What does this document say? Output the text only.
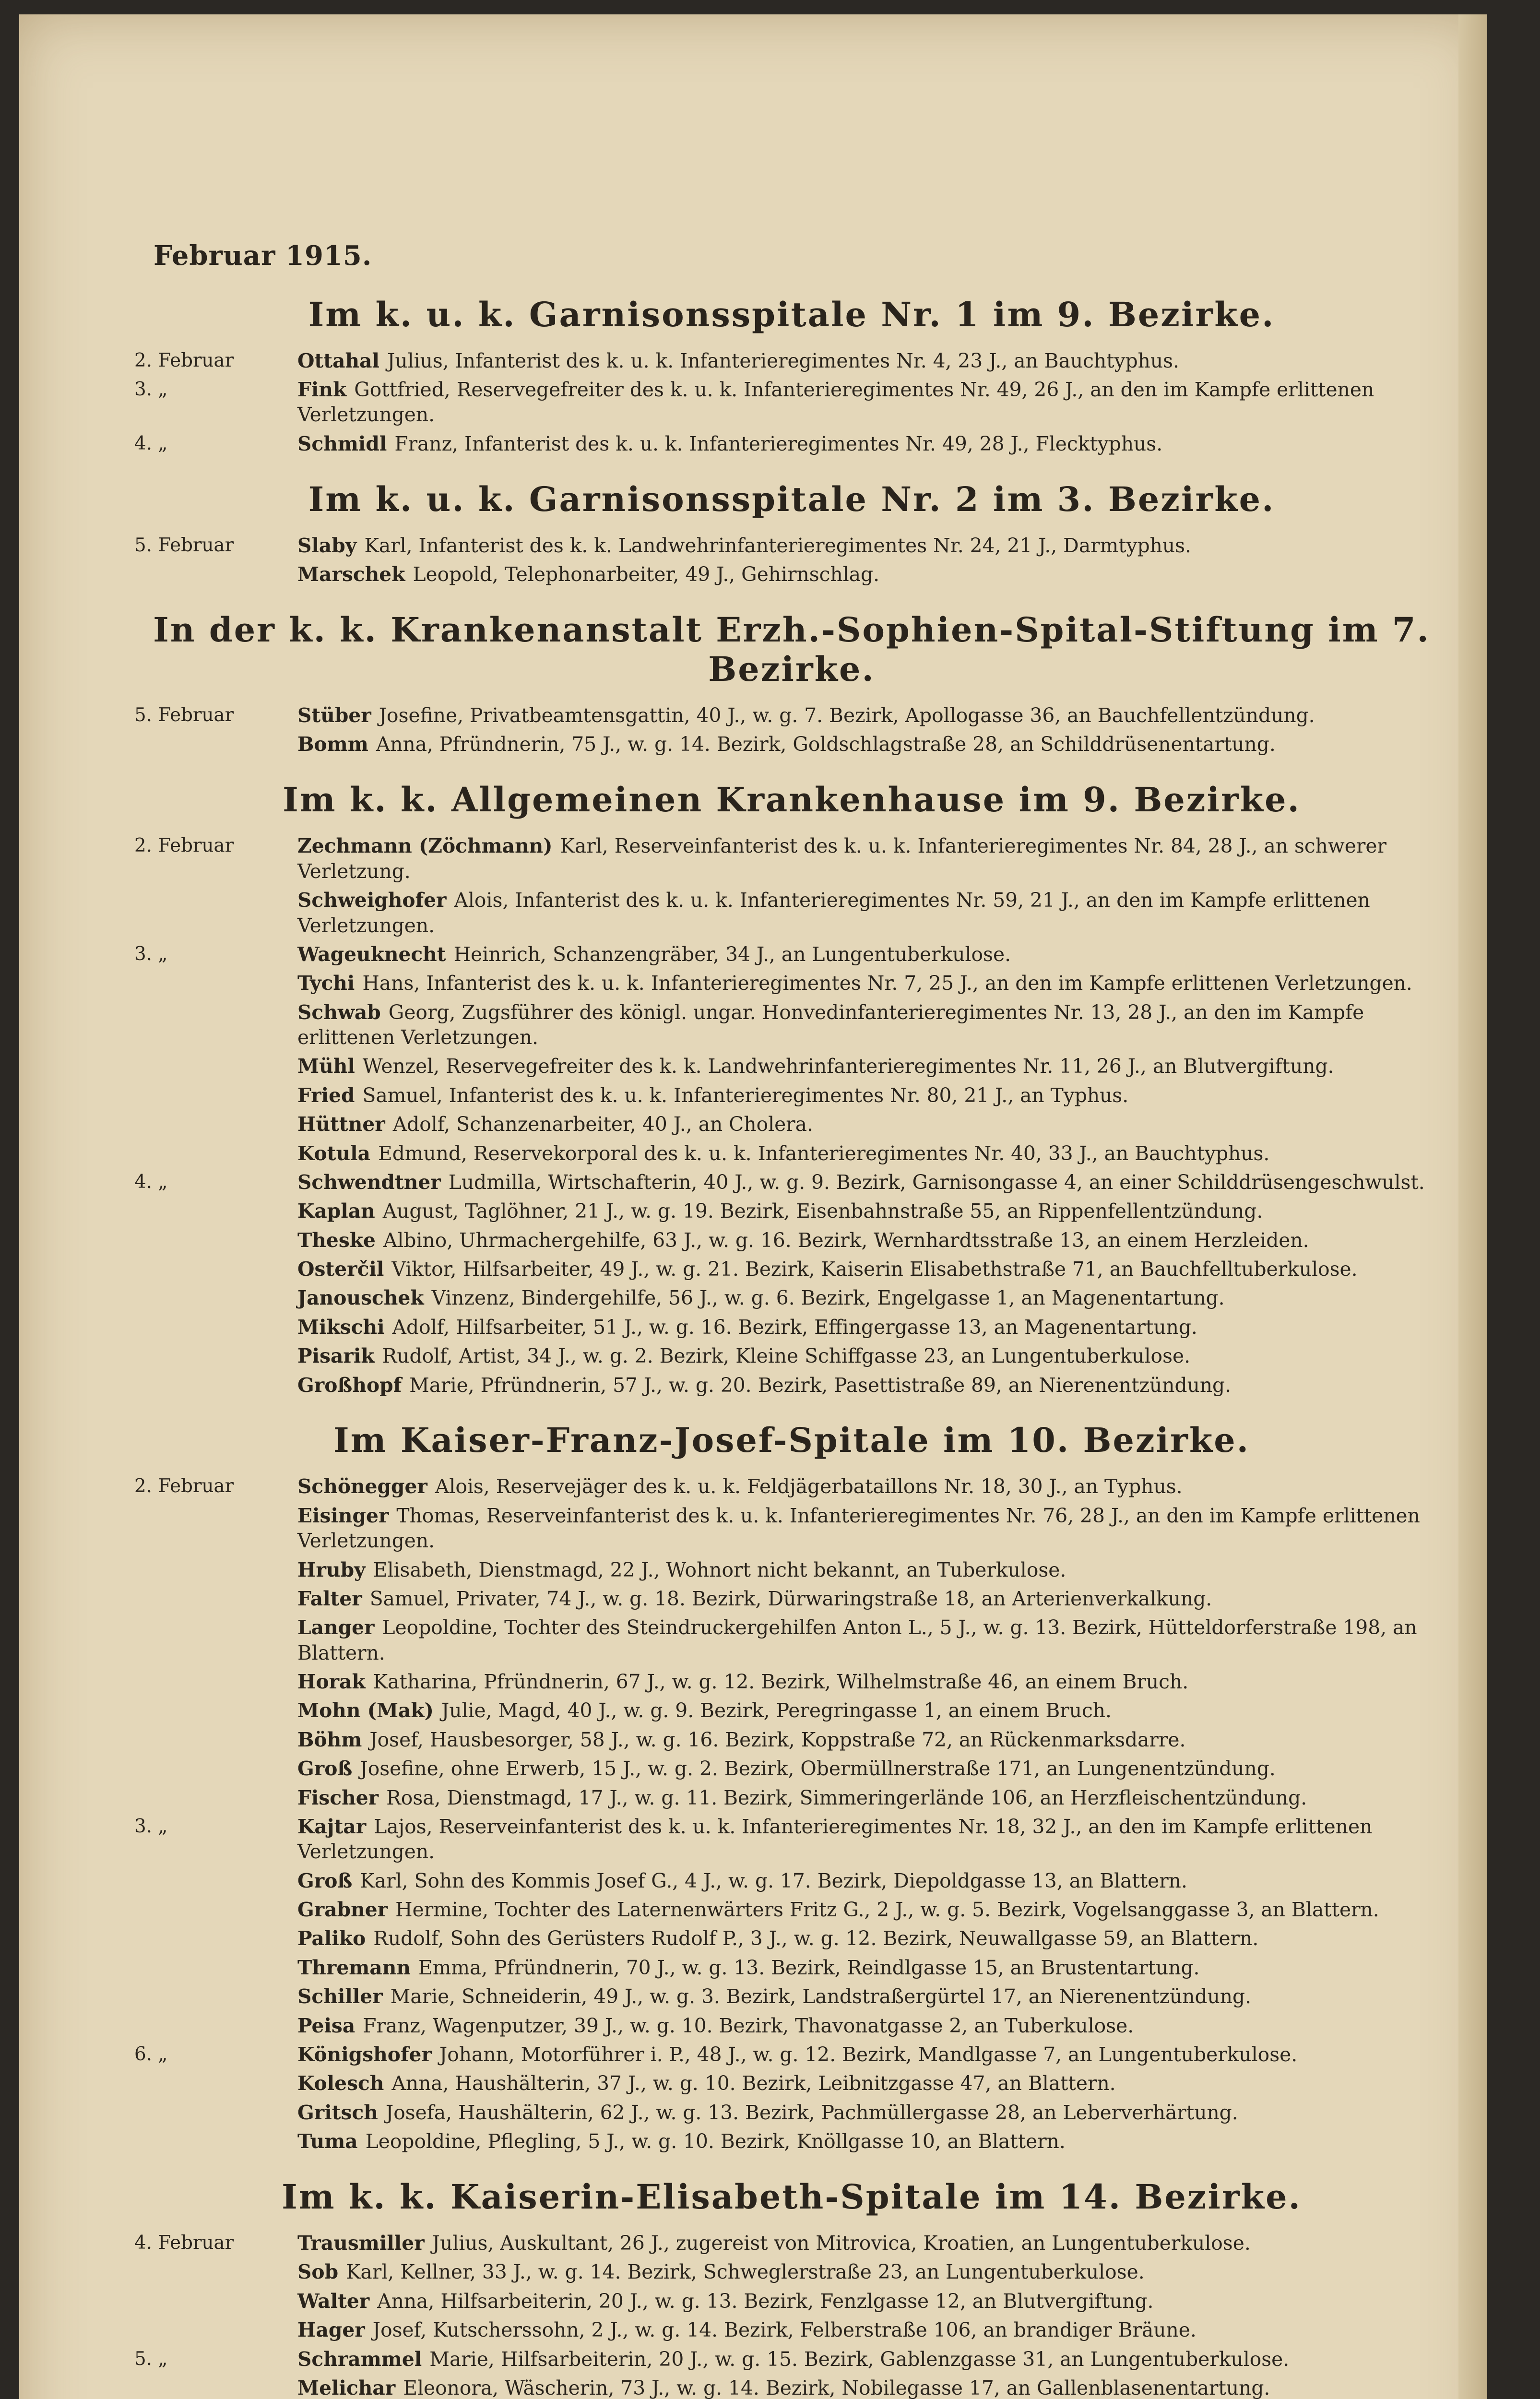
Februar 1915.
Im k. u. k. Garnisonsspitale Nr. 1 im 9. Bezirke.
2. Februar	Ottahal Julius, Infanterist des k. u. k. Infanterieregimentes Nr. 4, 23 J., an Bauchtyphus.
3. „	Fink Gottfried, Reservegefreiter des k. u. k. Infanterieregimentes Nr. 49, 26 J., an den im Kampfe erlittenen Verletzungen.
4. „	Schmidl Franz, Infanterist des k. u. k. Infanterieregimentes Nr. 49, 28 J., Flecktyphus.
Im k. u. k. Garnisonsspitale Nr. 2 im 3. Bezirke.
5. Februar	Slaby Karl, Infanterist des k. k. Landwehrinfanterieregimentes Nr. 24, 21 J., Darmtyphus.
Marschek Leopold, Telephonarbeiter, 49 J., Gehirnschlag.
In der k. k. Krankenanstalt Erzh.-Sophien-Spital-Stiftung im 7. Bezirke.
5. Februar	Stüber Josefine, Privatbeamtensgattin, 40 J., w. g. 7. Bezirk, Apollogasse 36, an Bauchfellentzündung.
Bomm Anna, Pfründnerin, 75 J., w. g. 14. Bezirk, Goldschlagstraße 28, an Schilddrüsenentartung.
Im k. k. Allgemeinen Krankenhause im 9. Bezirke.
2. Februar	Zechmann (Zöchmann) Karl, Reserveinfanterist des k. u. k. Infanterieregimentes Nr. 84, 28 J., an schwerer Verletzung.
Schweighofer Alois, Infanterist des k. u. k. Infanterieregimentes Nr. 59, 21 J., an den im Kampfe erlittenen Verletzungen.
3. „	Wageuknecht Heinrich, Schanzengräber, 34 J., an Lungentuberkulose.
Tychi Hans, Infanterist des k. u. k. Infanterieregimentes Nr. 7, 25 J., an den im Kampfe erlittenen Verletzungen.
Schwab Georg, Zugsführer des königl. ungar. Honvedinfanterieregimentes Nr. 13, 28 J., an den im Kampfe erlittenen Verletzungen.
Mühl Wenzel, Reservegefreiter des k. k. Landwehrinfanterieregimentes Nr. 11, 26 J., an Blutvergiftung.
Fried Samuel, Infanterist des k. u. k. Infanterieregimentes Nr. 80, 21 J., an Typhus.
Hüttner Adolf, Schanzenarbeiter, 40 J., an Cholera.
Kotula Edmund, Reservekorporal des k. u. k. Infanterieregimentes Nr. 40, 33 J., an Bauchtyphus.
4. „	Schwendtner Ludmilla, Wirtschafterin, 40 J., w. g. 9. Bezirk, Garnisongasse 4, an einer Schilddrüsengeschwulst.
Kaplan August, Taglöhner, 21 J., w. g. 19. Bezirk, Eisenbahnstraße 55, an Rippenfellentzündung.
Theske Albino, Uhrmachergehilfe, 63 J., w. g. 16. Bezirk, Wernhardtsstraße 13, an einem Herzleiden.
Osterčil Viktor, Hilfsarbeiter, 49 J., w. g. 21. Bezirk, Kaiserin Elisabethstraße 71, an Bauchfelltuberkulose.
Janouschek Vinzenz, Bindergehilfe, 56 J., w. g. 6. Bezirk, Engelgasse 1, an Magenentartung.
Mikschi Adolf, Hilfsarbeiter, 51 J., w. g. 16. Bezirk, Effingergasse 13, an Magenentartung.
Pisarik Rudolf, Artist, 34 J., w. g. 2. Bezirk, Kleine Schiffgasse 23, an Lungentuberkulose.
Großhopf Marie, Pfründnerin, 57 J., w. g. 20. Bezirk, Pasettistraße 89, an Nierenentzündung.
Im Kaiser-Franz-Josef-Spitale im 10. Bezirke.
2. Februar	Schönegger Alois, Reservejäger des k. u. k. Feldjägerbataillons Nr. 18, 30 J., an Typhus.
Eisinger Thomas, Reserveinfanterist des k. u. k. Infanterieregimentes Nr. 76, 28 J., an den im Kampfe erlittenen Verletzungen.
Hruby Elisabeth, Dienstmagd, 22 J., Wohnort nicht bekannt, an Tuberkulose.
Falter Samuel, Privater, 74 J., w. g. 18. Bezirk, Dürwaringstraße 18, an Arterienverkalkung.
Langer Leopoldine, Tochter des Steindruckergehilfen Anton L., 5 J., w. g. 13. Bezirk, Hütteldorferstraße 198, an Blattern.
Horak Katharina, Pfründnerin, 67 J., w. g. 12. Bezirk, Wilhelmstraße 46, an einem Bruch.
Mohn (Mak) Julie, Magd, 40 J., w. g. 9. Bezirk, Peregringasse 1, an einem Bruch.
Böhm Josef, Hausbesorger, 58 J., w. g. 16. Bezirk, Koppstraße 72, an Rückenmarksdarre.
Groß Josefine, ohne Erwerb, 15 J., w. g. 2. Bezirk, Obermüllnerstraße 171, an Lungenentzündung.
Fischer Rosa, Dienstmagd, 17 J., w. g. 11. Bezirk, Simmeringerlände 106, an Herzfleischentzündung.
3. „	Kajtar Lajos, Reserveinfanterist des k. u. k. Infanterieregimentes Nr. 18, 32 J., an den im Kampfe erlittenen Verletzungen.
Groß Karl, Sohn des Kommis Josef G., 4 J., w. g. 17. Bezirk, Diepoldgasse 13, an Blattern.
Grabner Hermine, Tochter des Laternenwärters Fritz G., 2 J., w. g. 5. Bezirk, Vogelsanggasse 3, an Blattern.
Paliko Rudolf, Sohn des Gerüsters Rudolf P., 3 J., w. g. 12. Bezirk, Neuwallgasse 59, an Blattern.
Thremann Emma, Pfründnerin, 70 J., w. g. 13. Bezirk, Reindlgasse 15, an Brustentartung.
Schiller Marie, Schneiderin, 49 J., w. g. 3. Bezirk, Landstraßergürtel 17, an Nierenentzündung.
Peisa Franz, Wagenputzer, 39 J., w. g. 10. Bezirk, Thavonatgasse 2, an Tuberkulose.
6. „	Königshofer Johann, Motorführer i. P., 48 J., w. g. 12. Bezirk, Mandlgasse 7, an Lungentuberkulose.
Kolesch Anna, Haushälterin, 37 J., w. g. 10. Bezirk, Leibnitzgasse 47, an Blattern.
Gritsch Josefa, Haushälterin, 62 J., w. g. 13. Bezirk, Pachmüllergasse 28, an Leberverhärtung.
Tuma Leopoldine, Pflegling, 5 J., w. g. 10. Bezirk, Knöllgasse 10, an Blattern.
Im k. k. Kaiserin-Elisabeth-Spitale im 14. Bezirke.
4. Februar	Trausmiller Julius, Auskultant, 26 J., zugereist von Mitrovica, Kroatien, an Lungentuberkulose.
Sob Karl, Kellner, 33 J., w. g. 14. Bezirk, Schweglerstraße 23, an Lungentuberkulose.
Walter Anna, Hilfsarbeiterin, 20 J., w. g. 13. Bezirk, Fenzlgasse 12, an Blutvergiftung.
Hager Josef, Kutscherssohn, 2 J., w. g. 14. Bezirk, Felberstraße 106, an brandiger Bräune.
5. „	Schrammel Marie, Hilfsarbeiterin, 20 J., w. g. 15. Bezirk, Gablenzgasse 31, an Lungentuberkulose.
Melichar Eleonora, Wäscherin, 73 J., w. g. 14. Bezirk, Nobilegasse 17, an Gallenblasenentartung.
